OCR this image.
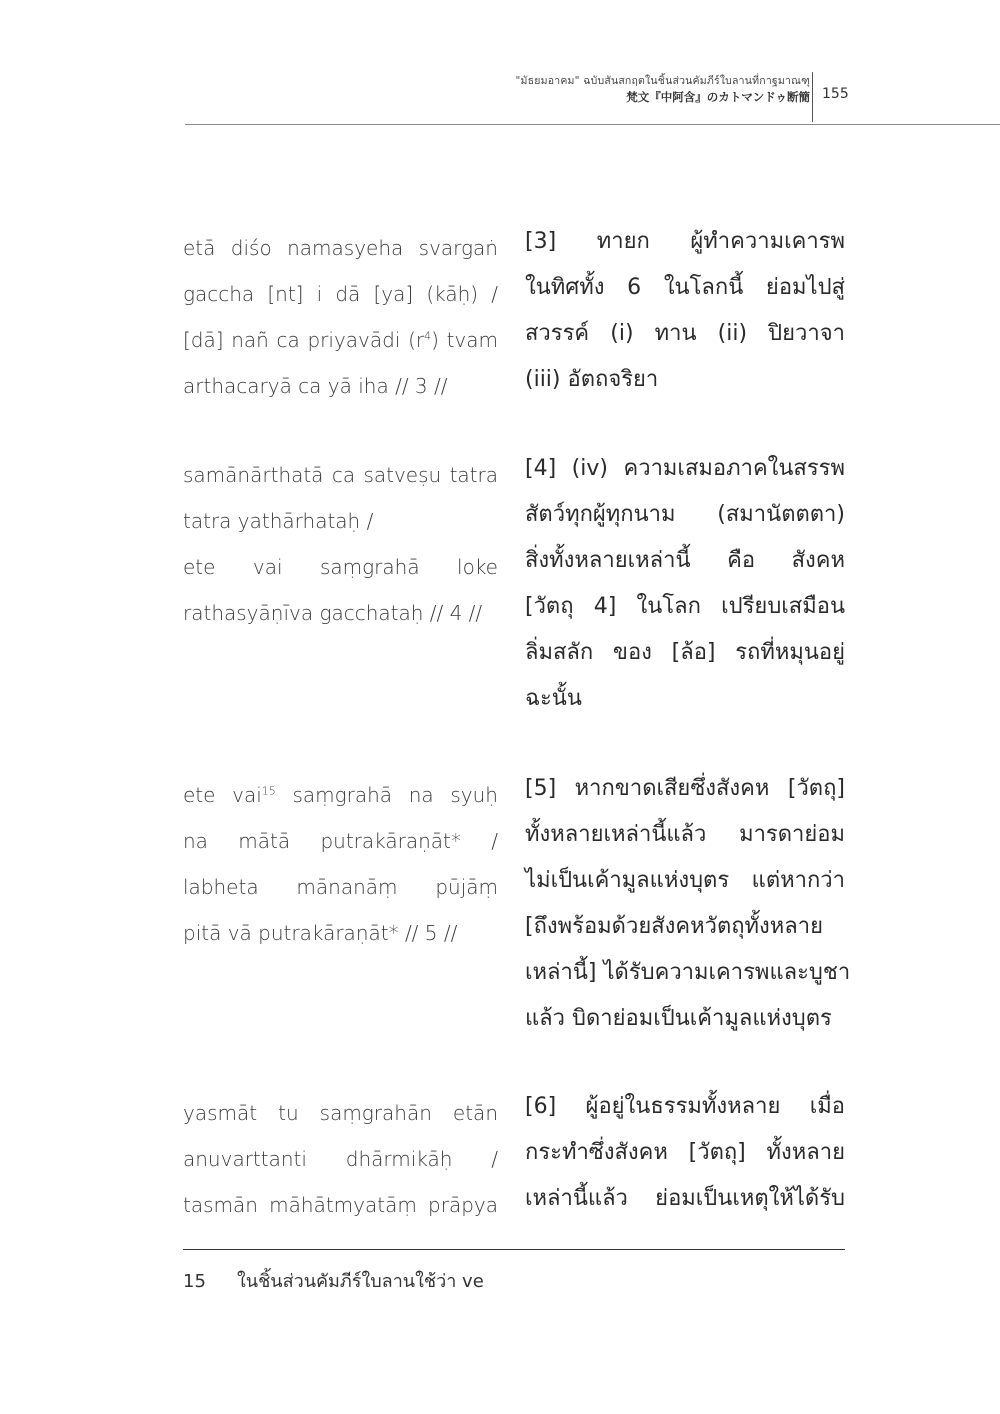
"มัธยมอาคม" ฉบับสันสกฤตในชิ้นส่วนคัมภีร์ใบลานที่กาฐมาณฑุ
梵文『中阿含』のカトマンドゥ断簡 155
etā diśo namasyeha svargaṅ
gaccha [nt] i dā [ya] (kāḥ) /
[dā] nañ ca priyavādi $(r^4)$ tvam
arthacaryā ca yā iha // 3 //
[3] ทายก ผู้ทำความเคารพ
ในทิศทั้ง 6 ในโลกนี้ ย่อมไปสู่
สวรรค์ (i) ทาน (ii) ปิยวาจา
(iii) อัตถจริยา
samānārthatā ca satveṣu tatra
tatra yathārhataḥ /
ete vai saṃgrahā loke
rathasyāṇīva gacchataḥ // 4 //
[4] (iv) ความเสมอภาคในสรรพ
สัตว์ทุกผู้ทุกนาม (สมานัตตตา)
สิ่งทั้งหลายเหล่านี้ คือ สังคห
[วัตถุ 4] ในโลก เปรียบเสมือน
ลิ่มสลัก ของ [ล้อ] รถที่หมุนอยู่
ฉะนั้น
ete vai$^{15}$ saṃgrahā na syuḥ
na mātā putrakāraṇāt* /
labheta mānanāṃ pūjāṃ
pitā vā putrakāraṇāt* // 5 //
[5] หากขาดเสียซึ่งสังคห [วัตถุ]
ทั้งหลายเหล่านี้แล้ว มารดาย่อม
ไม่เป็นเค้ามูลแห่งบุตร แต่หากว่า
[ถึงพร้อมด้วยสังคหวัตถุทั้งหลาย
เหล่านี้] ได้รับความเคารพและบูชา
แล้ว บิดาย่อมเป็นเค้ามูลแห่งบุตร
yasmāt tu saṃgrahān etān
anuvarttanti dhārmikāḥ /
tasmān māhātmyatāṃ prāpya
[6] ผู้อยู่ในธรรมทั้งหลาย เมื่อ
กระทำซึ่งสังคห [วัตถุ] ทั้งหลาย
เหล่านี้แล้ว ย่อมเป็นเหตุให้ได้รับ
15 ในชิ้นส่วนคัมภีร์ใบลานใช้ว่า ve
